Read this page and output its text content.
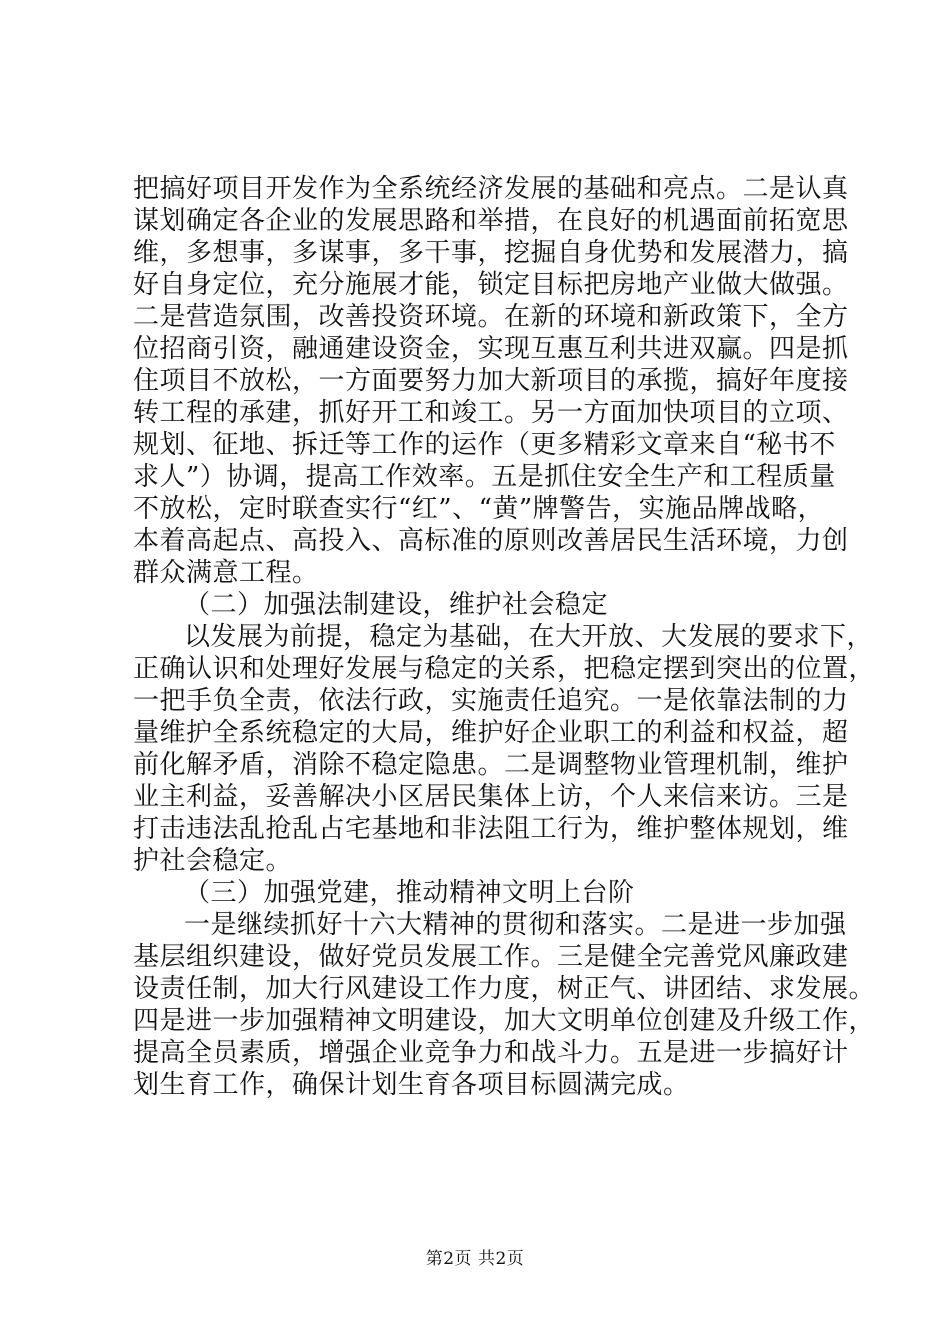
把搞好项目开发作为全系统经济发展的基础和亮点。二是认真
谋划确定各企业的发展思路和举措，在良好的机遇面前拓宽思
维，多想事，多谋事，多干事，挖掘自身优势和发展潜力，搞
好自身定位，充分施展才能，锁定目标把房地产业做大做强。
二是营造氛围，改善投资环境。在新的环境和新政策下，全方
位招商引资，融通建设资金，实现互惠互利共进双赢。四是抓
住项目不放松，一方面要努力加大新项目的承揽，搞好年度接
转工程的承建，抓好开工和竣工。另一方面加快项目的立项、
规划、征地、拆迁等工作的运作（更多精彩文章来自“秘书不
求人”）协调，提高工作效率。五是抓住安全生产和工程质量
不放松，定时联查实行“红”、“黄”牌警告，实施品牌战略，
本着高起点、高投入、高标准的原则改善居民生活环境，力创
群众满意工程。
（二）加强法制建设，维护社会稳定
以发展为前提，稳定为基础，在大开放、大发展的要求下，
正确认识和处理好发展与稳定的关系，把稳定摆到突出的位置，
一把手负全责，依法行政，实施责任追究。一是依靠法制的力
量维护全系统稳定的大局，维护好企业职工的利益和权益，超
前化解矛盾，消除不稳定隐患。二是调整物业管理机制，维护
业主利益，妥善解决小区居民集体上访，个人来信来访。三是
打击违法乱抢乱占宅基地和非法阻工行为，维护整体规划，维
护社会稳定。
（三）加强党建，推动精神文明上台阶
一是继续抓好十六大精神的贯彻和落实。二是进一步加强
基层组织建设，做好党员发展工作。三是健全完善党风廉政建
设责任制，加大行风建设工作力度，树正气、讲团结、求发展。
四是进一步加强精神文明建设，加大文明单位创建及升级工作，
提高全员素质，增强企业竞争力和战斗力。五是进一步搞好计
划生育工作，确保计划生育各项目标圆满完成。
第2页 共2页
